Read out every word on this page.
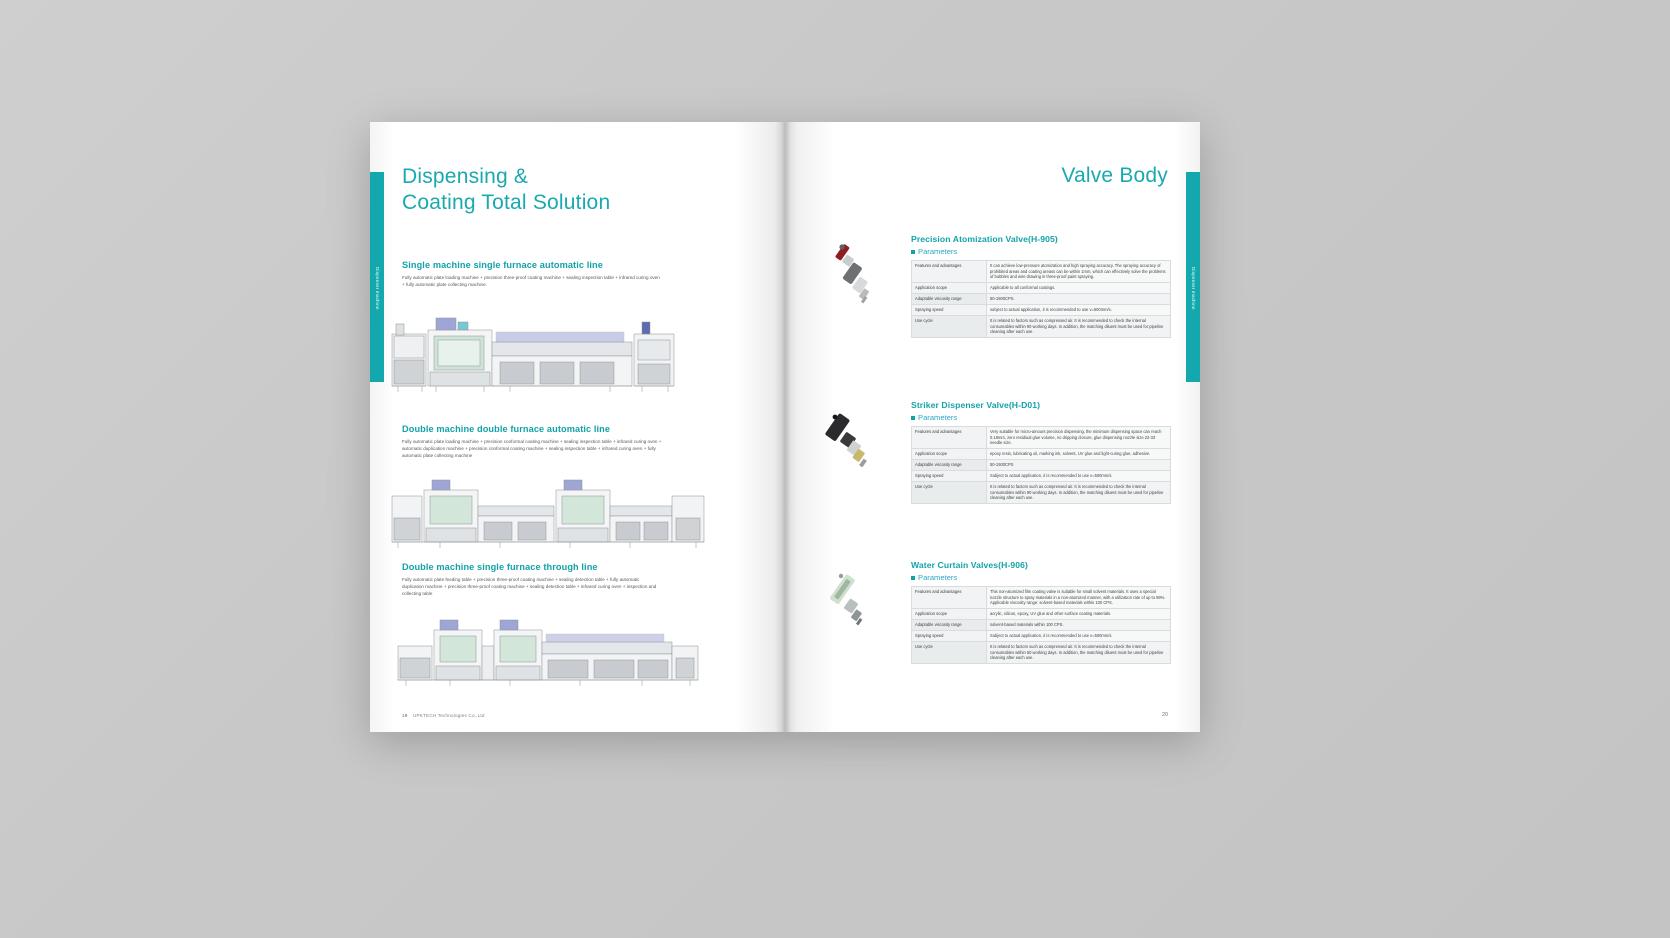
Dispenser machine
Dispensing &
Coating Total Solution
Single machine single furnace automatic line
Fully automatic plate loading machine + precision three-proof coating machine + sealing inspection table + infrared curing oven + fully automatic plate collecting machine.
Double machine double furnace automatic line
Fully automatic plate loading machine + precision conformal coating machine + sealing inspection table + infrared curing oven + automatic duplication machine + precision conformal coating machine + sealing inspection table + infrared curing oven + fully automatic plate collecting machine
Double machine single furnace through line
Fully automatic plate feeding table + precision three-proof coating machine + sealing detection table + fully automatic duplication machine + precision three-proof coating machine + sealing detection table + infrared curing oven + inspection and collecting table
19 UPKTECH Technologies Co.,Ltd
Dispenser machine
Valve Body
Precision Atomization Valve(H-905)
Parameters
Features and advantages	It can achieve low-pressure atomization and high spraying accuracy. The spraying accuracy of prohibited areas and coating areass can be within 1mm, which can effectively solve the problems of bubbles and wire drawing in three-proof paint spraying.
Application scope	Applicable to all conformal coatings.
Adaptable viscosity range	50-1500CPS.
Spraying speed	subject to actual application, it is recommended to use v=500mm/s.
Use cycle	It is related to factors such as compressed air. It is recommended to check the internal consumables within 90 working days. In addition, the matching diluent must be used for pipeline cleaning after each use.
Striker Dispenser Valve(H-D01)
Parameters
Features and advantages	Very suitable for micro-amount precision dispensing, the minimum dispensing space can reach 0.18mm, zero residiual glue volume, no dripping closure, glue dispensing nozzle size 22-33 needle size.
Application scope	epoxy resin, lubricating oil, marking ink, solvent, UV glue and light-curing glue, adhesive.
Adaptable viscosity range	50-1500CPS
Spraying speed	Subject to actual application, it is recommended to use v=500mm/s.
Use cycle	It is related to factors such as compressed air. It is recommended to check the internal consumables within 90 working days. In addition, the matching diluent must be used for pipeline cleaning after each use.
Water Curtain Valves(H-906)
Parameters
Features and advantages	This non-atomized film coating valve is suitable for small solvent materials. It uses a special nozzle structure to spray materials in a non-atomized manner, with a utilization rate of up to 99%. Applicable viscosity range: solvent-based materials within 100 CPS.
Application scope	acrylic, silicon, epoxy, UV glue and other surface coating materials.
Adaptable viscosity range	solvent-based materials within 100 CPS.
Spraying speed	Subject to actual application, it is recommended to use v=500mm/s.
Use cycle	It is related to factors such as compressed air. It is recommended to check the internal consumables within 60 working days. In addition, the matching diluent must be used for pipeline cleaning after each use.
20
